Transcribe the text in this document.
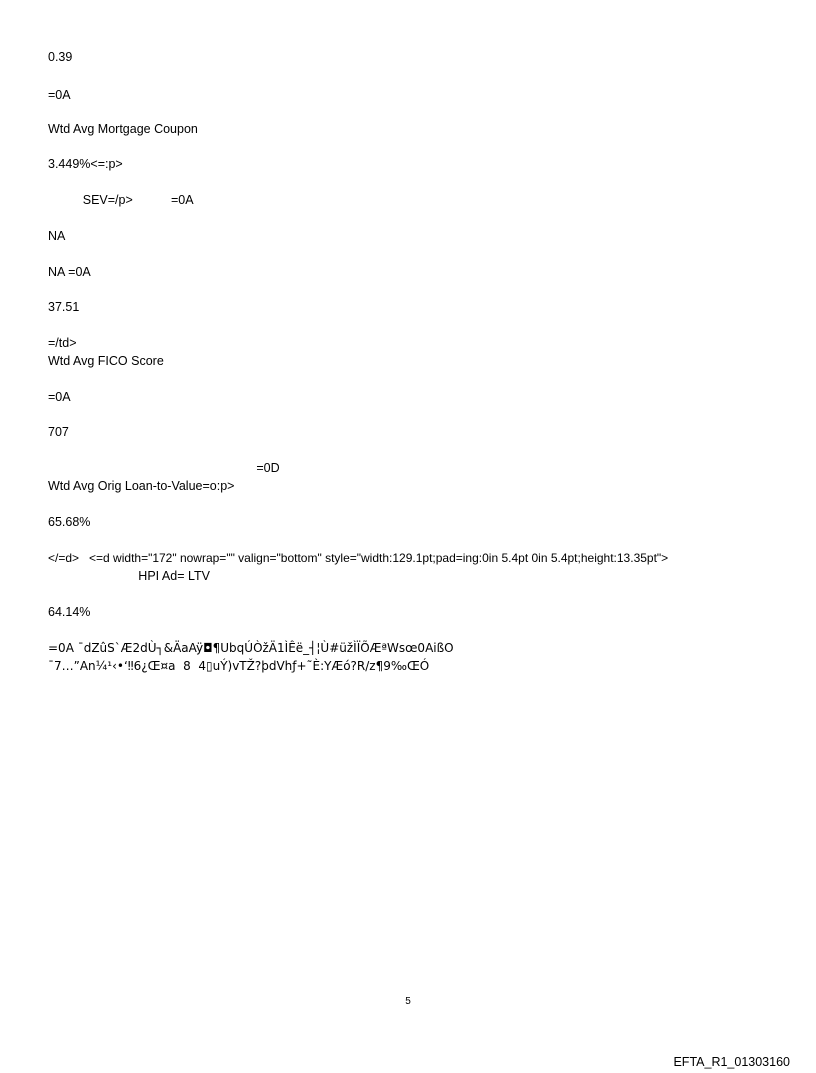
0.39
=0A
Wtd Avg Mortgage Coupon
3.449%<=:p>
SEV=/p>           =0A
NA
NA =0A
37.51
=/td>
Wtd Avg FICO Score
=0A
707
=0D
Wtd Avg Orig Loan-to-Value=o:p>
65.68%
</=d>   <=d width="172" nowrap="" valign="bottom" style="width:129.1pt;pad=ing:0in 5.4pt 0in 5.4pt;height:13.35pt">
HPI Ad= LTV
64.14%
=0A ¯dZûS`Æ2dÙ┐&ÄaAÿ◘¶UbqÚÒžÄ1ÌÊë_┤¦Ù#üžÌÏÕÆªWsœ0AißO
¯7…”An¼¹‹•‘‼6¿Œ¤a  8  4▯uÝ)vTŽ?þdVhƒ+˜È:YÆó?R/z¶9‰ŒÓ
5
EFTA_R1_01303160
